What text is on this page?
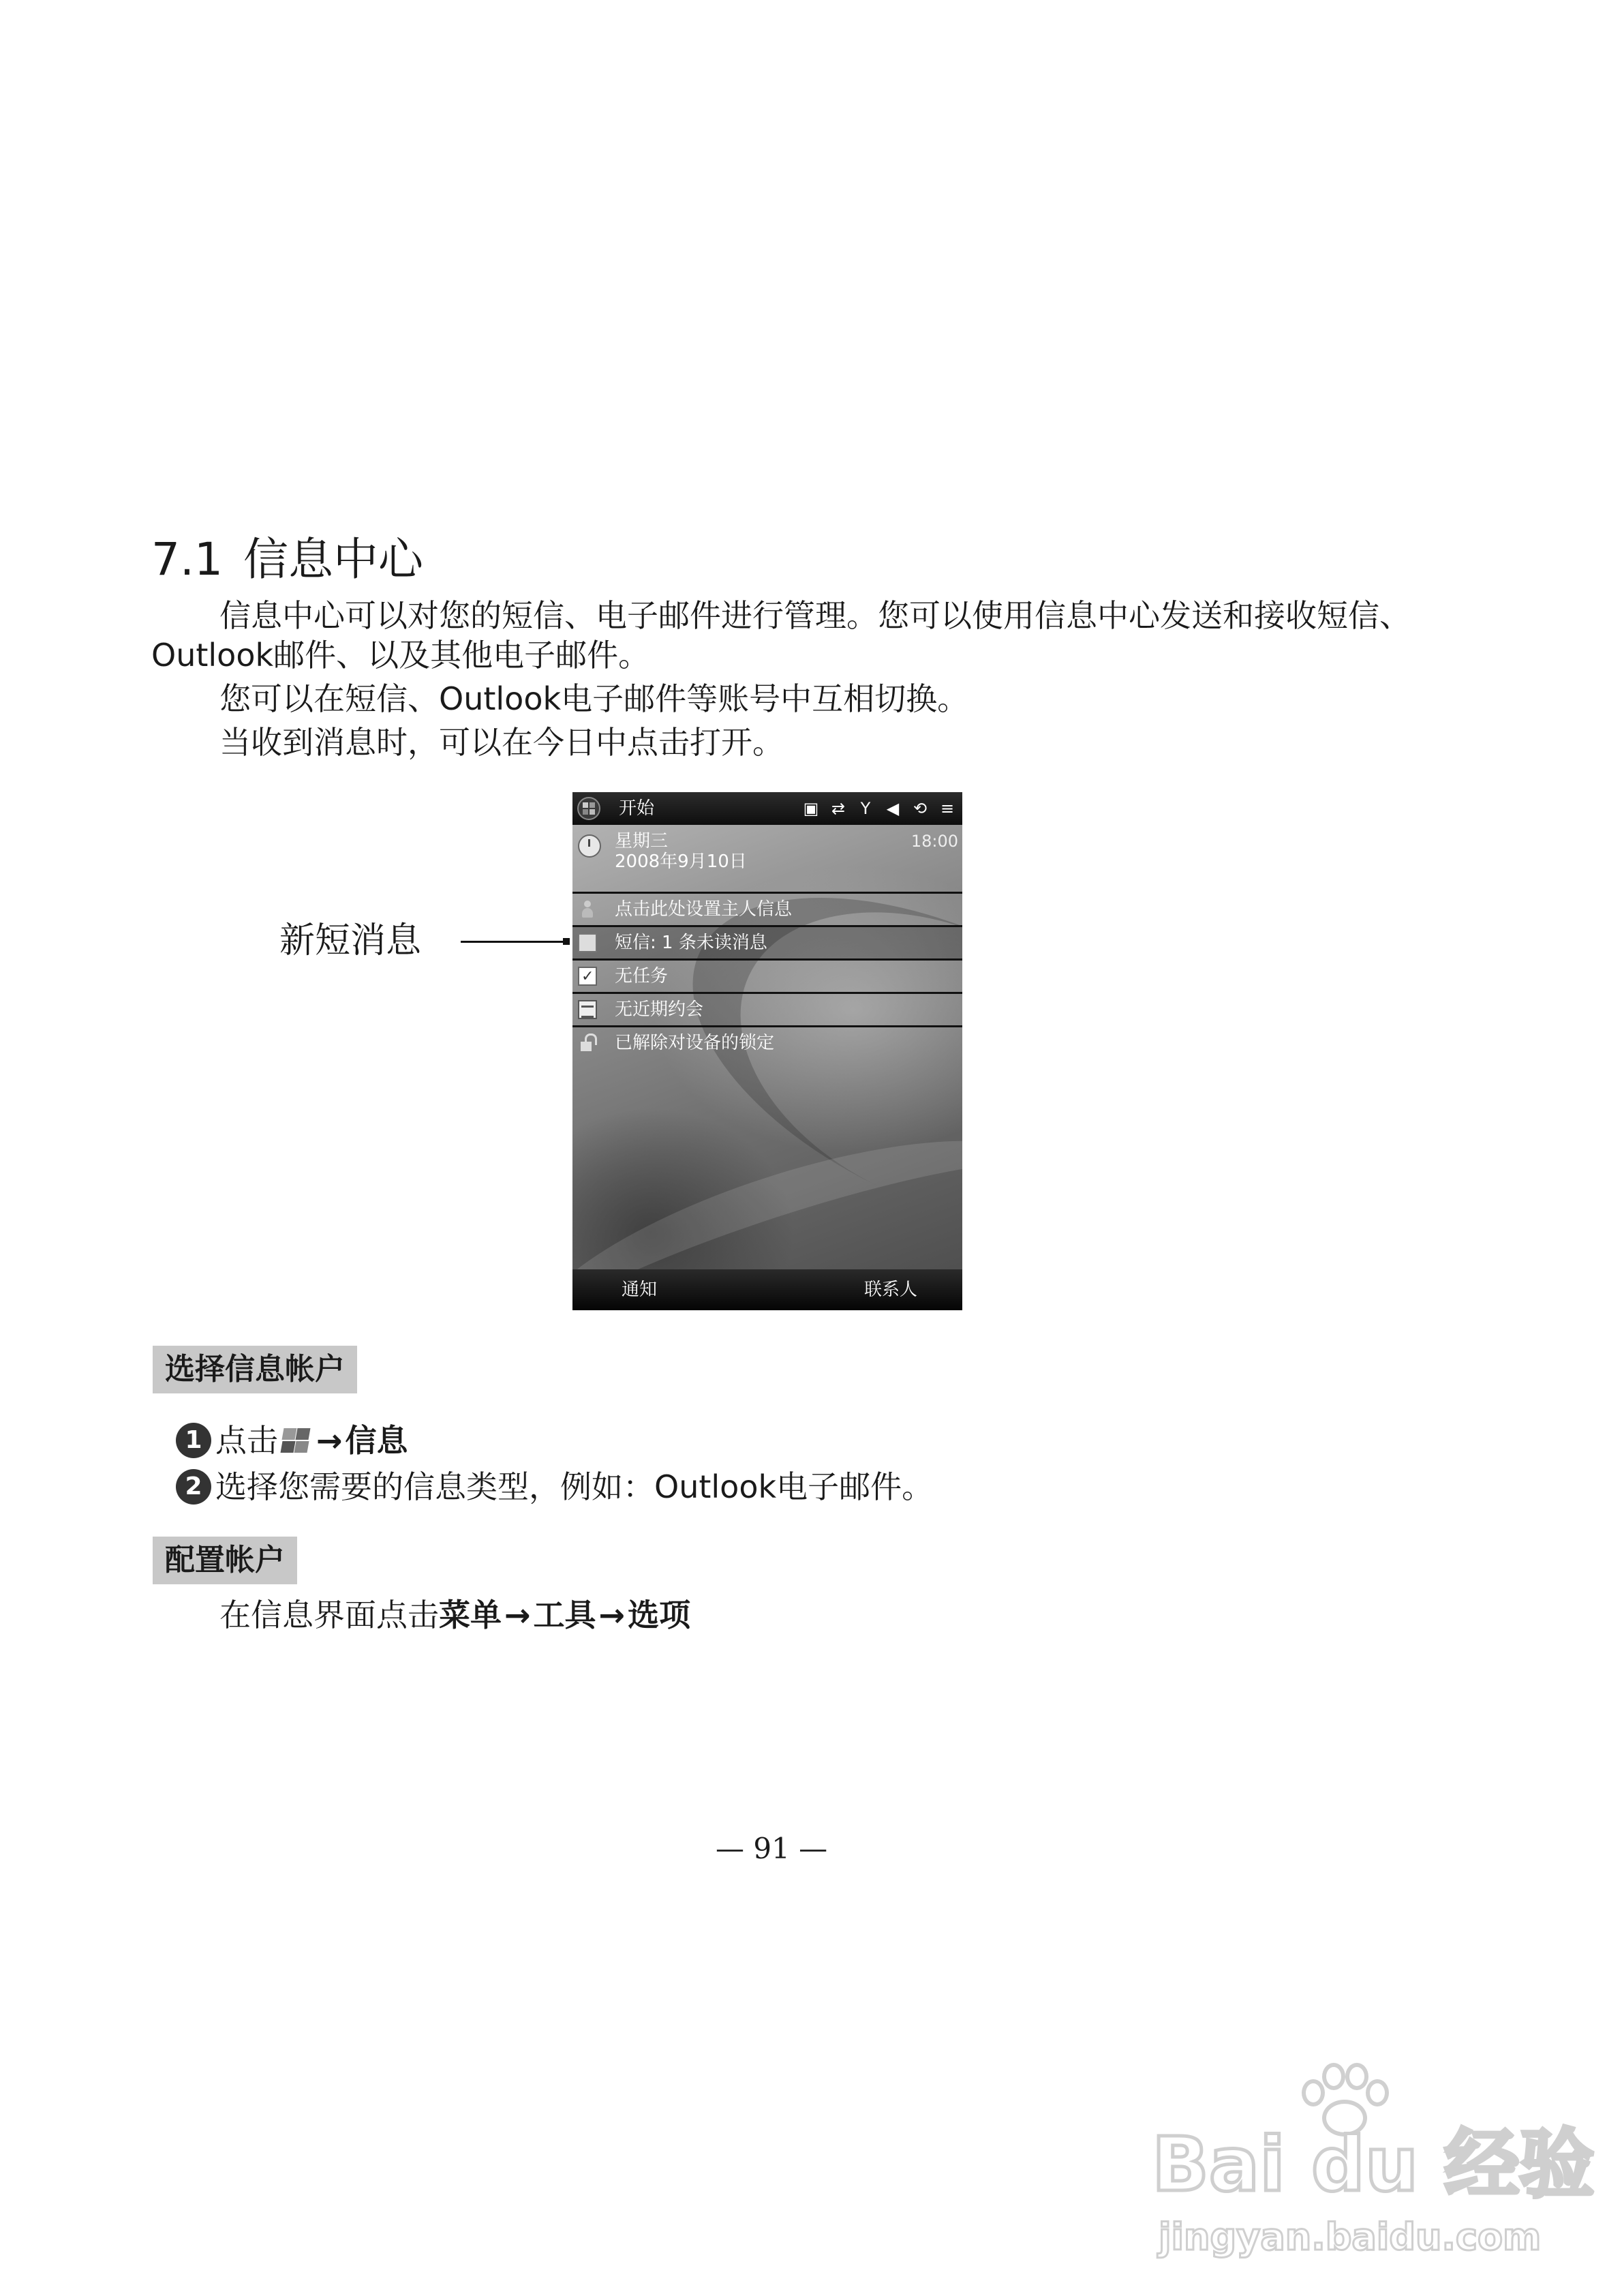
7.1 信息中心
信息中心可以对您的短信、电子邮件进行管理。您可以使用信息中心发送和接收短信、
Outlook邮件、以及其他电子邮件。
您可以在短信、Outlook电子邮件等账号中互相切换。
当收到消息时，可以在今日中点击打开。
开始	▣ ⇄ Y ◀ ⟲ ≡
星期三
2008年9月10日
18:00
点击此处设置主人信息
短信: 1 条未读消息
✓
无任务
无近期约会
已解除对设备的锁定
通知	联系人
新短消息
选择信息帐户
1 点击 → 信息
2 选择您需要的信息类型，例如：Outlook电子邮件。
配置帐户
在信息界面点击 菜单 → 工具 → 选项
— 91 —
Bai du 经验
jingyan.baidu.com
